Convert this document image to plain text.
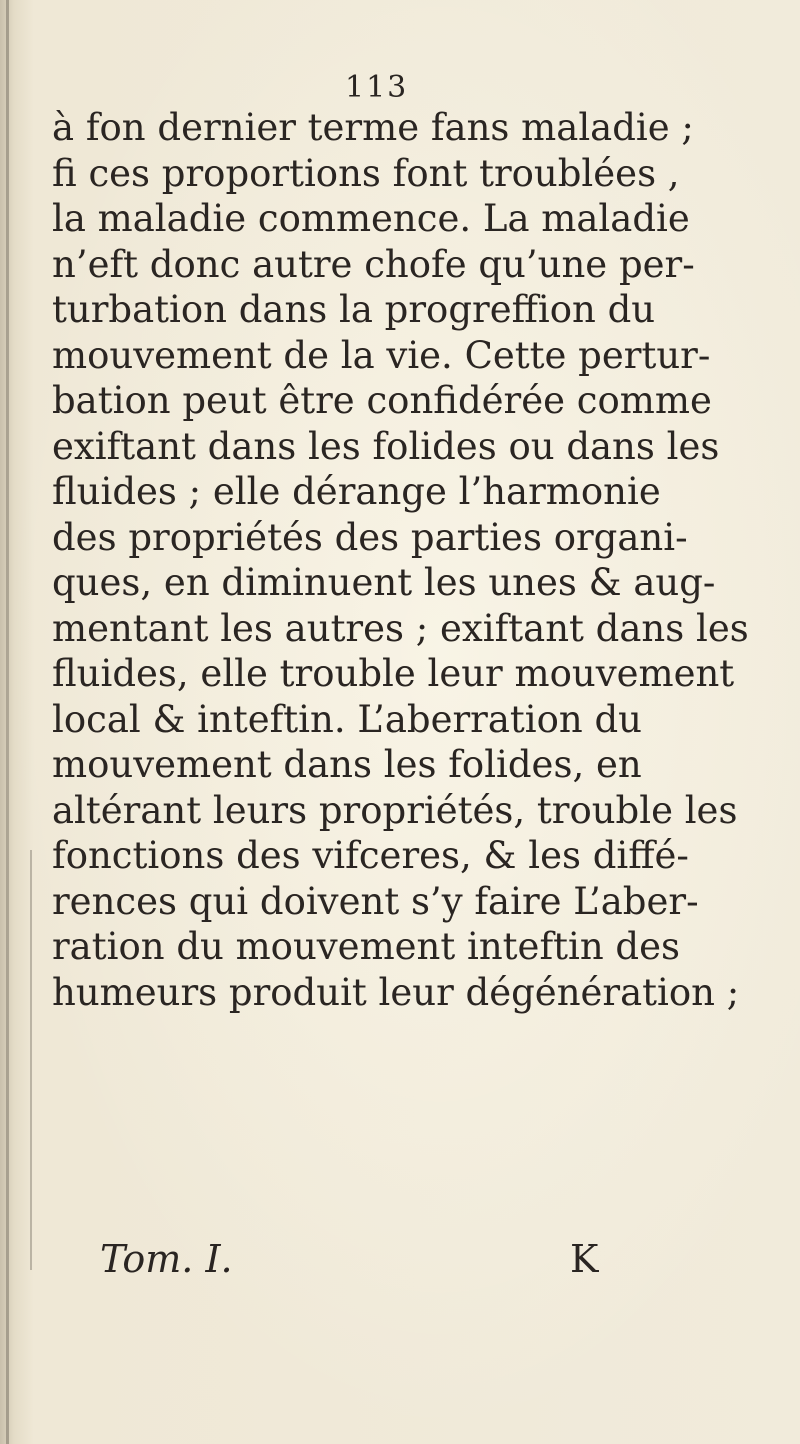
113
à fon dernier terme fans maladie ;
fi ces proportions font troublées ,
la maladie commence. La maladie
n’eft donc autre chofe qu’une per-
turbation dans la progreffion du
mouvement de la vie. Cette pertur-
bation peut être confidérée comme
exiftant dans les folides ou dans les
fluides ; elle dérange l’harmonie
des propriétés des parties organi-
ques, en diminuent les unes & aug-
mentant les autres ; exiftant dans les
fluides, elle trouble leur mouvement
local & inteftin. L’aberration du
mouvement dans les folides, en
altérant leurs propriétés, trouble les
fonctions des vifceres, & les diffé-
rences qui doivent s’y faire L’aber-
ration du mouvement inteftin des
humeurs produit leur dégénération ;
Tom. I.	K
